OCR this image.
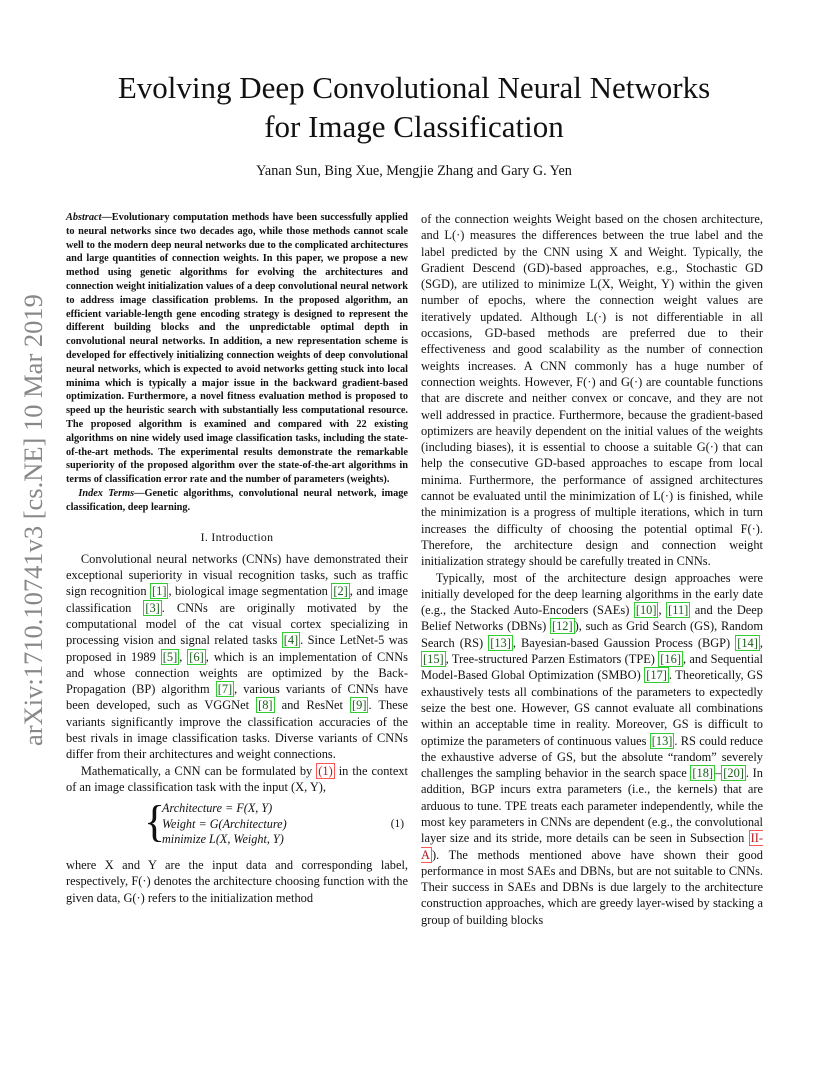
arXiv:1710.10741v3 [cs.NE] 10 Mar 2019
Evolving Deep Convolutional Neural Networks
for Image Classification
Yanan Sun, Bing Xue, Mengjie Zhang and Gary G. Yen
Abstract—Evolutionary computation methods have been successfully applied to neural networks since two decades ago, while those methods cannot scale well to the modern deep neural networks due to the complicated architectures and large quantities of connection weights. In this paper, we propose a new method using genetic algorithms for evolving the architectures and connection weight initialization values of a deep convolutional neural network to address image classification problems. In the proposed algorithm, an efficient variable-length gene encoding strategy is designed to represent the different building blocks and the unpredictable optimal depth in convolutional neural networks. In addition, a new representation scheme is developed for effectively initializing connection weights of deep convolutional neural networks, which is expected to avoid networks getting stuck into local minima which is typically a major issue in the backward gradient-based optimization. Furthermore, a novel fitness evaluation method is proposed to speed up the heuristic search with substantially less computational resource. The proposed algorithm is examined and compared with 22 existing algorithms on nine widely used image classification tasks, including the state-of-the-art methods. The experimental results demonstrate the remarkable superiority of the proposed algorithm over the state-of-the-art algorithms in terms of classification error rate and the number of parameters (weights).
Index Terms—Genetic algorithms, convolutional neural network, image classification, deep learning.
I. Introduction

Convolutional neural networks (CNNs) have demonstrated their exceptional superiority in visual recognition tasks, such as traffic sign recognition [1] , biological image segmentation [2] , and image classification [3] . CNNs are originally motivated by the computational model of the cat visual cortex specializing in processing vision and signal related tasks [4] . Since LetNet-5 was proposed in 1989 [5] , [6] , which is an implementation of CNNs and whose connection weights are optimized by the Back-Propagation (BP) algorithm [7] , various variants of CNNs have been developed, such as VGGNet [8] and ResNet [9] . These variants significantly improve the classification accuracies of the best rivals in image classification tasks. Diverse variants of CNNs differ from their architectures and weight connections.

Mathematically, a CNN can be formulated by (1) in the context of an image classification task with the input (X, Y),

{
Architecture = F(X, Y)
Weight = G(Architecture)
minimize L(X, Weight, Y)
(1)

where X and Y are the input data and corresponding label, respectively, F(·) denotes the architecture choosing function with the given data, G(·) refers to the initialization method

of the connection weights Weight based on the chosen architecture, and L(·) measures the differences between the true label and the label predicted by the CNN using X and Weight. Typically, the Gradient Descend (GD)-based approaches, e.g., Stochastic GD (SGD), are utilized to minimize L(X, Weight, Y) within the given number of epochs, where the connection weight values are iteratively updated. Although L(·) is not differentiable in all occasions, GD-based methods are preferred due to their effectiveness and good scalability as the number of connection weights increases. A CNN commonly has a huge number of connection weights. However, F(·) and G(·) are countable functions that are discrete and neither convex or concave, and they are not well addressed in practice. Furthermore, because the gradient-based optimizers are heavily dependent on the initial values of the weights (including biases), it is essential to choose a suitable G(·) that can help the consecutive GD-based approaches to escape from local minima. Furthermore, the performance of assigned architectures cannot be evaluated until the minimization of L(·) is finished, while the minimization is a progress of multiple iterations, which in turn increases the difficulty of choosing the potential optimal F(·). Therefore, the architecture design and connection weight initialization strategy should be carefully treated in CNNs.

Typically, most of the architecture design approaches were initially developed for the deep learning algorithms in the early date (e.g., the Stacked Auto-Encoders (SAEs) [10] , [11] and the Deep Belief Networks (DBNs) [12] ), such as Grid Search (GS), Random Search (RS) [13] , Bayesian-based Gaussion Process (BGP) [14] , [15] , Tree-structured Parzen Estimators (TPE) [16] , and Sequential Model-Based Global Optimization (SMBO) [17] . Theoretically, GS exhaustively tests all combinations of the parameters to expectedly seize the best one. However, GS cannot evaluate all combinations within an acceptable time in reality. Moreover, GS is difficult to optimize the parameters of continuous values [13] . RS could reduce the exhaustive adverse of GS, but the absolute “random” severely challenges the sampling behavior in the search space [18] – [20] . In addition, BGP incurs extra parameters (i.e., the kernels) that are arduous to tune. TPE treats each parameter independently, while the most key parameters in CNNs are dependent (e.g., the convolutional layer size and its stride, more details can be seen in Subsection II-A ). The methods mentioned above have shown their good performance in most SAEs and DBNs, but are not suitable to CNNs. Their success in SAEs and DBNs is due largely to the architecture construction approaches, which are greedy layer-wised by stacking a group of building blocks
